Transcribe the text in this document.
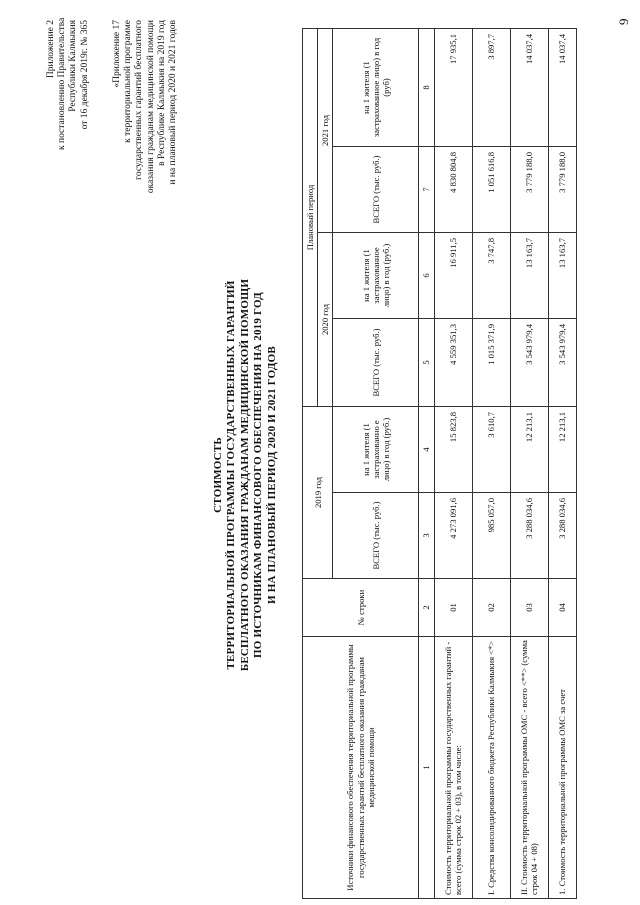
Приложение 2 к постановлению Правительства Республики Калмыкия от 16 декабря 2019г. № 365 «Приложение 17 к территориальной программе государственных гарантий бесплатного оказания гражданам медицинской помощи в Республике Калмыкия на 2019 год и на плановый период 2020 и 2021 годов
СТОИМОСТЬ ТЕРРИТОРИАЛЬНОЙ ПРОГРАММЫ ГОСУДАРСТВЕННЫХ ГАРАНТИЙ БЕСПЛАТНОГО ОКАЗАНИЯ ГРАЖДАНАМ МЕДИЦИНСКОЙ ПОМОЩИ ПО ИСТОЧНИКАМ ФИНАНСОВОГО ОБЕСПЕЧЕНИЯ НА 2019 ГОД И НА ПЛАНОВЫЙ ПЕРИОД 2020 И 2021 ГОДОВ
Источники финансового обеспечения территориальной программы государственных гарантий бесплатного оказания гражданам медицинской помощи	№ строки	2019 год		Плановый период			
				2020 год		2021 год	
		ВСЕГО (тыс. руб.)	на 1 жителя (1 застрахованно е лицо) в год (руб.)	ВСЕГО (тыс. руб.)	на 1 жителя (1 застрахованное лицо) в год (руб.)	ВСЕГО (тыс. руб.)	на 1 жителя (1 застрахованное лицо) в год (руб)
1	2	3	4	5	6	7	8
Стоимость территориальной программы государственных гарантий - всего (сумма строк 02 + 03), в том числе:	01	4 273 091,6	15 823,8	4 559 351,3	16 911,5	4 830 804,8	17 935,1
I. Средства консолидированного бюджета Республики Калмыкия <*>	02	985 057,0	3 610,7	1 015 371,9	3 747,8	1 051 616,8	3 897,7
II. Стоимость территориальной программы ОМС - всего <**> (сумма строк 04 + 08)	03	3 288 034,6	12 213,1	3 543 979,4	13 163,7	3 779 188,0	14 037,4
1. Стоимость территориальной программы ОМС за счет	04	3 288 034,6	12 213,1	3 543 979,4	13 163,7	3 779 188,0	14 037,4
9
